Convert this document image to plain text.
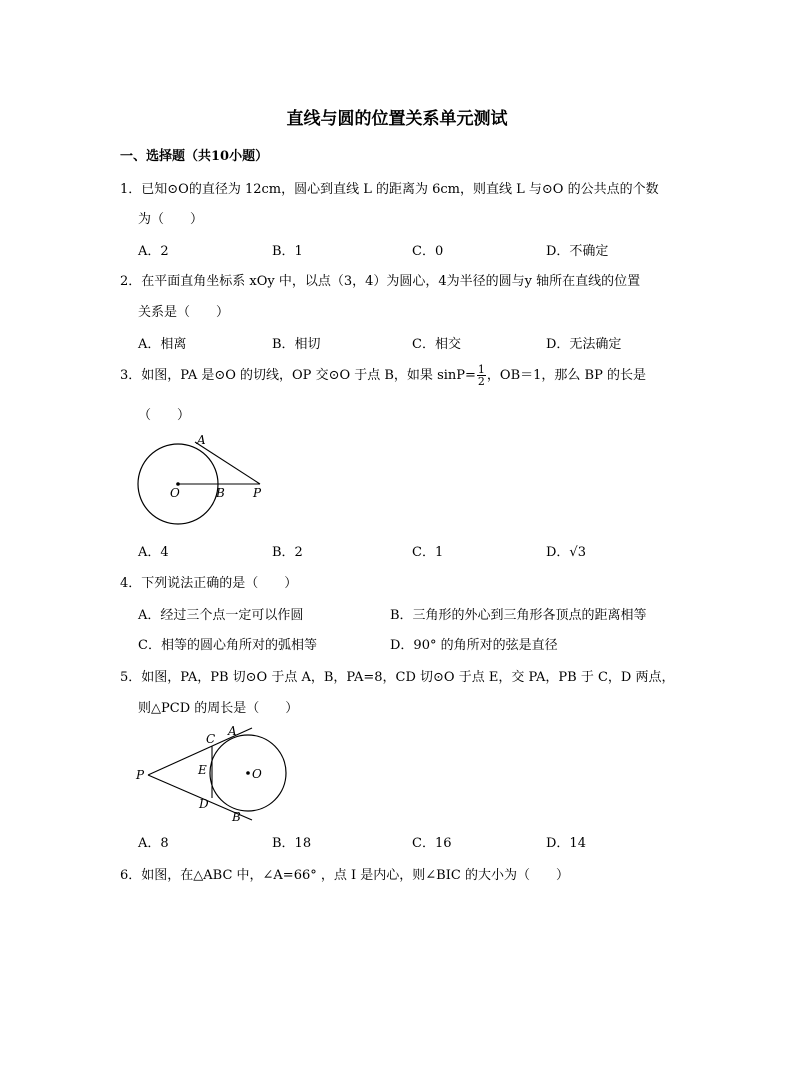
直线与圆的位置关系单元测试
一、选择题（共10小题）
1．已知⊙O的直径为 12cm，圆心到直线 L 的距离为 6cm，则直线 L 与⊙O 的公共点的个数
为（　　）
A．2	B．1	C．0	D．不确定
2．在平面直角坐标系 xOy 中，以点（3，4）为圆心，4为半径的圆与y 轴所在直线的位置
关系是（　　）
A．相离	B．相切	C．相交	D．无法确定
3．如图，PA 是⊙O 的切线，OP 交⊙O 于点 B，如果 $\sin P= \frac{1}{2}$ ，OB＝1，那么 BP 的长是
（　　）
A
O	B P
A．4	B．2	C．1	D．√3
4．下列说法正确的是（　　）
A．经过三个点一定可以作圆	B．三角形的外心到三角形各顶点的距离相等
C．相等的圆心角所对的弧相等	D．90° 的角所对的弦是直径
5．如图，PA，PB 切⊙O 于点 A，B，PA=8，CD 切⊙O 于点 E，交 PA，PB 于 C，D 两点，
则△PCD 的周长是（　　）
A
C
E	O
P
D
B
A．8	B．18	C．16	D．14
6．如图，在△ABC 中，∠A=66° ，点 I 是内心，则∠BIC 的大小为（　　）
